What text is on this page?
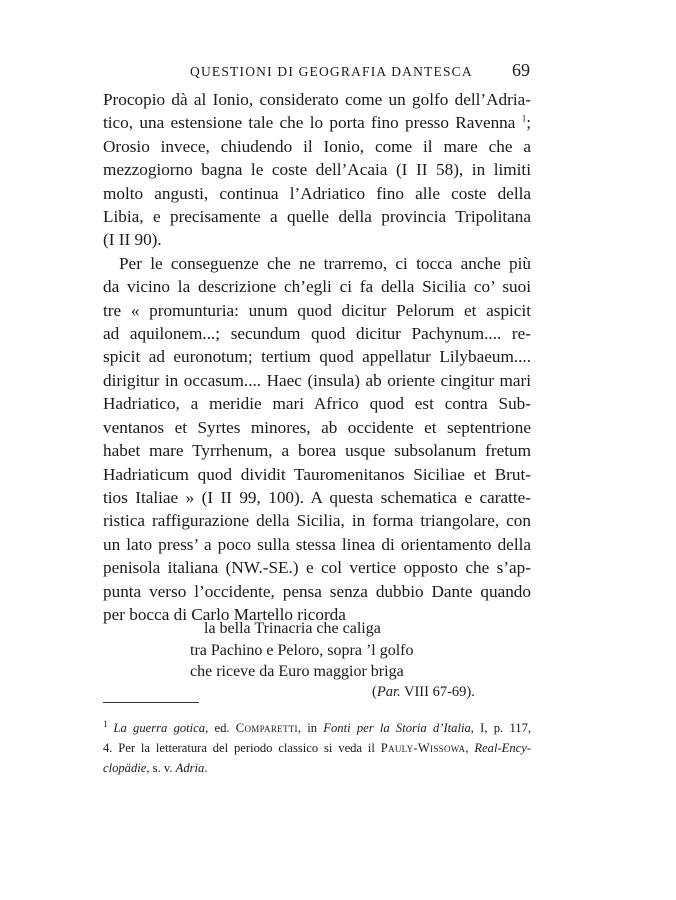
QUESTIONI DI GEOGRAFIA DANTESCA 69
Procopio dà al Ionio, considerato come un golfo dell’Adria-
tico, una estensione tale che lo porta fino presso Ravenna $^1$;
Orosio invece, chiudendo il Ionio, come il mare che a
mezzogiorno bagna le coste dell’Acaia (I II 58), in limiti
molto angusti, continua l’Adriatico fino alle coste della
Libia, e precisamente a quelle della provincia Tripolitana
(I II 90).
Per le conseguenze che ne trarremo, ci tocca anche più
da vicino la descrizione ch’egli ci fa della Sicilia co’ suoi
tre « promunturia: unum quod dicitur Pelorum et aspicit
ad aquilonem...; secundum quod dicitur Pachynum.... re-
spicit ad euronotum; tertium quod appellatur Lilybaeum....
dirigitur in occasum.... Haec (insula) ab oriente cingitur mari
Hadriatico, a meridie mari Africo quod est contra Sub-
ventanos et Syrtes minores, ab occidente et septentrione
habet mare Tyrrhenum, a borea usque subsolanum fretum
Hadriaticum quod dividit Tauromenitanos Siciliae et Brut-
tios Italiae » (I II 99, 100). A questa schematica e caratte-
ristica raffigurazione della Sicilia, in forma triangolare, con
un lato press’ a poco sulla stessa linea di orientamento della
penisola italiana (NW.-SE.) e col vertice opposto che s’ap-
punta verso l’occidente, pensa senza dubbio Dante quando
per bocca di Carlo Martello ricorda
la bella Trinacria che caliga
tra Pachino e Peloro, sopra ’l golfo
che riceve da Euro maggior briga
(Par. VIII 67-69).
$^1$ La guerra gotica, ed. Comparetti, in Fonti per la Storia d’Italia, I, p. 117,
4. Per la letteratura del periodo classico si veda il Pauly-Wissowa, Real-Ency-
clopädie, s. v. Adria.
